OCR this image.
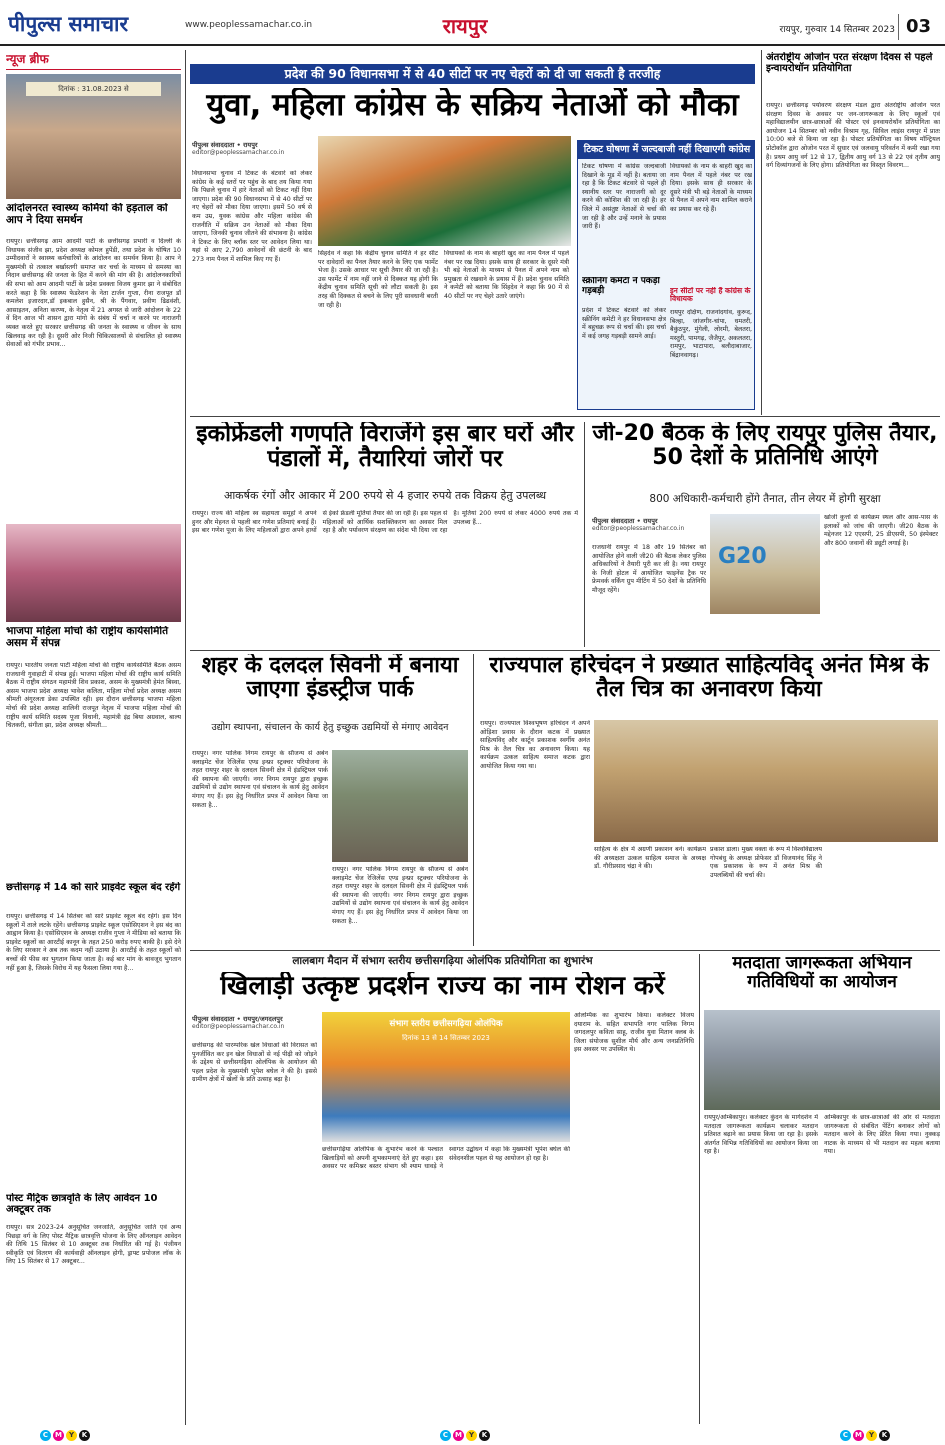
पीपुल्स समाचार	www.peoplessamachar.co.in	रायपुर	रायपुर, गुरुवार 14 सितम्बर 2023 03
न्यूज ब्रीफ
दिनांक : 31.08.2023 से
आंदोलनरत स्वास्थ्य कर्मियों की हड़ताल को आप ने दिया समर्थन
रायपुर। छत्तीसगढ़ आम आदमी पार्टी के छत्तीसगढ़ प्रभारी व दिल्ली के विधायक संजीव झा, प्रदेश अध्यक्ष कोमल हुपेंडी, तथा प्रदेश के घोषित 10 उम्मीदवारों ने स्वास्थ्य कर्मचारियों के आंदोलन का समर्थन किया है। आप ने मुख्यमंत्री से तत्काल बर्खास्तगी समाप्त कर चर्चा के माध्यम से समस्या का निदान छत्तीसगढ़ की जनता के हित में करने की मांग की है। आंदोलनकारियों की सभा को आम आदमी पार्टी के प्रदेश प्रवक्ता विजय कुमार झा ने संबोधित करते कहा है कि स्वास्थ्य फेडरेशन के नेता टार्जन गुप्ता, रीना राजपूत डॉ कमलेश इजारदार,डॉ इकबाल हुसैन, श्री के पैंगवार, प्रवीण ढिढवंशी, आसाइतन, अनिता करण्य, के नेतृत्व में 21 अगस्त से जारी आंदोलन के 22 वें दिन आज भी शासन द्वारा मांगो के संबंध में चर्चा न करने पर नाराजगी व्यक्त करते हुए सरकार छत्तीसगढ़ की जनता के स्वास्थ्य व जीवन के साथ खिलवाड़ कर रही है। दूसरी ओर निजी चिकित्सालयों से संचालित हो स्वास्थ्य सेवाओं को गंभीर प्रभाव...
भाजपा महिला मोर्चा की राष्ट्रीय कार्यसमिति असम में संपन्न
रायपुर। भारतीय जनता पार्टी महिला मोर्चा की राष्ट्रीय कार्यसमिति बैठक असम राजधानी गुवाहाटी में संपन्न हुई। भाजपा महिला मोर्चा की राष्ट्रीय कार्य समिति बैठक में राष्ट्रीय संगठन महामंत्री शिव प्रकाश, असम के मुख्यमंत्री हेमंत बिस्वा, असम भाजपा प्रदेश अध्यक्ष भावेश कलिता, महिला मोर्चा प्रदेश अध्यक्ष असम श्रीमती अंगूरलता डेका उपस्थित रही। इस दौरान छत्तीसगढ़ भाजपा महिला मोर्चा की प्रदेश अध्यक्ष शालिनी राजपूत नेतृत्व में भाजपा महिला मोर्चा की राष्ट्रीय कार्य समिति सदस्य पूजा विधानी, महामंत्री इंद्र बिया अग्रवाल, बाल्य चितकरी, संगीता झा, प्रदेश अध्यक्ष श्रीमती...
छत्तीसगढ़ में 14 को सारे प्राइवेट स्कूल बंद रहेंगे
रायपुर। छत्तीसगढ़ में 14 सितंबर को सारे प्राइवेट स्कूल बंद रहेंगे। इस दिन स्कूलों में ताले लटके रहेंगे। छत्तीसगढ़ प्राइवेट स्कूल एसोसिएशन ने इस बंद का आह्वान किया है। एसोसिएशन के अध्यक्ष राजीव गुप्ता ने मीडिया को बताया कि प्राइवेट स्कूलों का आरटीई कानून के तहत 250 करोड़ रुपए बाकी है। इसे देने के लिए सरकार ने अब तक कदम नहीं उठाया है। आरटीई के तहत स्कूलों को बच्चों की फीस का भुगतान किया जाता है। कई बार मांग के बावजूद भुगतान नहीं हुआ है, जिसके विरोध में यह फैसला लिया गया है...
पोस्ट मैट्रिक छात्रवृति के लिए आवेदन 10 अक्टूबर तक
रायपुर। सत्र 2023-24 अनुसूचित जनजाति, अनुसूचित जाति एवं अन्य पिछड़ा वर्ग के लिए पोस्ट मैट्रिक छात्रवृत्ति योजना के लिए ऑनलाइन आवेदन की तिथि 15 सितंबर से 10 अक्टूबर तक निर्धारित की गई है। पंजीयन स्वीकृति एवं वितरण की कार्यवाही ऑनलाइन होगी, ड्राफ्ट प्रपोजल लॉक के लिए 15 सितंबर से 17 अक्टूबर...
प्रदेश की 90 विधानसभा में से 40 सीटों पर नए चेहरों को दी जा सकती है तरजीह
युवा, महिला कांग्रेस के सक्रिय नेताओं को मौका
पीपुल्स संवाददाता • रायपुर
editor@peoplessamachar.co.in
विधानसभा चुनाव में टिकट के बंटवारे को लेकर कांग्रेस के कई स्तरों पर पहुंच के बाद तय किया गया कि पिछले चुनाव में हारे नेताओं को टिकट नहीं दिया जाएगा। प्रदेश की 90 विधानसभा में से 40 सीटों पर नए चेहरों को मौका दिया जाएगा। इसमें 50 वर्ष से कम उम्र, युवक कांग्रेस और महिला कांग्रेस की राजनीति में सक्रिय उन नेताओं को मौका दिया जाएगा, जिनकी चुनाव जीतने की संभावना है। कांग्रेस ने टिकट के लिए ब्लॉक स्तर पर आवेदन लिया था। यहां से आए 2,790 आवेदनों की छंटनी के बाद 273 नाम पैनल में शामिल किए गए हैं।
सिंहदेव ने कहा कि केंद्रीय चुनाव समिति ने हर सीट पर दावेदारों का पैनल तैयार करने के लिए एक फार्मेट भेजा है। उसके आधार पर सूची तैयार की जा रही है। उस फार्मेट में नाम नहीं जाने से दिक्कत यह होगी कि केंद्रीय चुनाव समिति सूची को लौटा सकती है। इस तरह की दिक्कत से बचने के लिए पूरी सावधानी बरती जा रही है।
विधायकों के नाम के बाहरी खुद का नाम पैनल में पहले नंबर पर रख दिया। इसके साथ ही सरकार के दूसरे मंत्री भी बड़े नेताओं के माध्यम से पैनल में अपने नाम को प्रमुखता से रखवाने के प्रयास में हैं। प्रदेश चुनाव समिति ने कमेटी को बताया कि सिंहदेव ने कहा कि 90 में से 40 सीटों पर नए चेहरे उतारे जाएंगे।
टिकट घोषणा में जल्दबाजी नहीं दिखाएगी कांग्रेस
टिकट घोषणा में कांग्रेस जल्दबाजी दिखाने के मूड में नहीं है। बताया जा रहा है कि टिकट बंटवारे से पहले ही स्थानीय स्तर पर नाराजगी को दूर करने की कोशिश की जा रही है। हर जिले में असंतुष्ट नेताओं से चर्चा की जा रही है और उन्हें मनाने के प्रयास जारी हैं।
स्क्रीनिंग कमेटी ने पकड़ी गड़बड़ी
प्रदेश में टिकट बंटवारे को लेकर स्क्रीनिंग कमेटी ने हर विधानसभा क्षेत्र में बहुचक्र रूप से चर्चा की। इस चर्चा में कई जगह गड़बड़ी सामने आई।
विधायकों के नाम के बाहरी खुद का नाम पैनल में पहले नंबर पर रख दिया। इसके साथ ही सरकार के दूसरे मंत्री भी बड़े नेताओं के माध्यम से पैनल में अपने नाम शामिल कराने का प्रयास कर रहे हैं।
इन सीटों पर नहीं हैं कांग्रेस के विधायक
रायपुर दक्षिण, राजनांदगांव, कुरूद, बिल्हा, जांजगीर-चांपा, धमतरी, बैकुंठपुर, मुंगेली, लोरमी, बेलतरा, मस्तुरी, पामगढ़, जैजैपुर, अकलतरा, रामपुर, भाटापारा, बलौदाबाजार, बिंद्रानवागढ़।
अंतर्राष्ट्रीय ओजोन परत संरक्षण दिवस से पहले इन्वायरोथॉन प्रतियोगिता
रायपुर। छत्तीसगढ़ पर्यावरण संरक्षण मंडल द्वारा अंतर्राष्ट्रीय ओजोन परत संरक्षण दिवस के अवसर पर जन-जागरूकता के लिए स्कूलों एवं महाविद्यालयीन छात्र-छात्राओं की पोस्टर एवं इनवायरोथॉन प्रतियोगिता का आयोजन 14 सितम्बर को नवीन विश्राम गृह, सिविल लाइंस रायपुर में प्रातः 10:00 बजे से किया जा रहा है। पोस्टर प्रतियोगिता का विषय मॉन्ट्रियल प्रोटोकॉल द्वारा ओजोन परत में सुधार एवं जलवायु परिवर्तन में कमी रखा गया है। प्रथम आयु वर्ग 12 से 17, द्वितीय आयु वर्ग 13 से 22 एवं तृतीय आयु वर्ग दिव्यांगजनों के लिए होगा। प्रतियोगिता का विस्तृत विवरण...
इकोफ्रेंडली गणपति विराजेंगे इस बार घरों और पंडालों में, तैयारियां जोरों पर
आकर्षक रंगों और आकार में 200 रुपये से 4 हजार रुपये तक विक्रय हेतु उपलब्ध
रायपुर। राज्य की महिला स्व सहायता समूहों ने अपने हुनर और मेहनत से पहली बार गणेश प्रतिमाएं बनाई हैं। इस बार गणेश पूजा के लिए महिलाओं द्वारा अपने हाथों से ईको फ्रेंडली मूर्तियां तैयार की जा रही हैं। इस पहल से महिलाओं को आर्थिक सशक्तिकरण का अवसर मिल रहा है और पर्यावरण संरक्षण का संदेश भी दिया जा रहा है। मूर्तियां 200 रुपये से लेकर 4000 रुपये तक में उपलब्ध हैं...
जी-20 बैठक के लिए रायपुर पुलिस तैयार, 50 देशों के प्रतिनिधि आएंगे
800 अधिकारी-कर्मचारी होंगे तैनात, तीन लेयर में होगी सुरक्षा
पीपुल्स संवाददाता • रायपुर
editor@peoplessamachar.co.in
G20
राजधानी रायपुर में 18 और 19 सितंबर को आयोजित होने वाली जी20 की बैठक लेकर पुलिस अधिकारियों ने तैयारी पूरी कर ली है। नया रायपुर के निजी होटल में आयोजित फाइनेंस ट्रैक पर फ्रेमवर्क वर्किंग ग्रुप मीटिंग में 50 देशों के प्रतिनिधि मौजूद रहेंगे।
खोजी कुत्तों से कार्यक्रम स्थल और आस-पास के इलाकों को जांच की जाएगी। जी20 बैठक के मद्देनजर 12 एएसपी, 25 डीएसपी, 50 इंस्पेक्टर और 800 जवानों की ड्यूटी लगाई है।
शहर के दलदल सिवनी में बनाया जाएगा इंडस्ट्रीज पार्क
उद्योग स्थापना, संचालन के कार्य हेतु इच्छुक उद्यमियों से मंगाए आवेदन
रायपुर। नगर पालिक निगम रायपुर के सौजन्य से अर्बन क्लाइमेट चेंज रेजिलेंस एण्ड इन्फ्रा स्ट्रक्चर परियोजना के तहत रायपुर शहर के दलदल सिवनी क्षेत्र में इंडस्ट्रियल पार्क की स्थापना की जाएगी। नगर निगम रायपुर द्वारा इच्छुक उद्यमियों से उद्योग स्थापना एवं संचालन के कार्य हेतु आवेदन मंगाए गए हैं। इस हेतु निर्धारित प्रपत्र में आवेदन किया जा सकता है...
रायपुर। नगर पालिक निगम रायपुर के सौजन्य से अर्बन क्लाइमेट चेंज रेजिलेंस एण्ड इन्फ्रा स्ट्रक्चर परियोजना के तहत रायपुर शहर के दलदल सिवनी क्षेत्र में इंडस्ट्रियल पार्क की स्थापना की जाएगी। नगर निगम रायपुर द्वारा इच्छुक उद्यमियों से उद्योग स्थापना एवं संचालन के कार्य हेतु आवेदन मंगाए गए हैं। इस हेतु निर्धारित प्रपत्र में आवेदन किया जा सकता है...
राज्यपाल हरिचंदन ने प्रख्यात साहित्यविद् अनंत मिश्र के तैल चित्र का अनावरण किया
रायपुर। राज्यपाल विश्वभूषण हरिचंदन ने अपने ओड़िशा प्रवास के दौरान कटक में प्रख्यात साहित्यविद् और कार्टून प्रकाशक स्वर्गीय अनंत मिश्र के तैल चित्र का अनावरण किया। यह कार्यक्रम उत्कल साहित्य समाज कटक द्वारा आयोजित किया गया था।
साहित्य के क्षेत्र में अग्रणी प्रकाशन बने। कार्यक्रम की अध्यक्षता उत्कल साहित्य समाज के अध्यक्ष डॉ. गौरीप्रसाद चंद्रा ने की।
प्रकाश डाला। मुख्य वक्ता के रूप में विश्वविद्यालय गोपबंधु के अध्यक्ष प्रोफेसर डॉ विजयानंद सिंह ने एक प्रकाशक के रूप में अनंत मिश्र की उपलब्धियों की चर्चा की।
लालबाग मैदान में संभाग स्तरीय छत्तीसगढ़िया ओलंपिक प्रतियोगिता का शुभारंभ
खिलाड़ी उत्कृष्ट प्रदर्शन राज्य का नाम रोशन करें
पीपुल्स संवाददाता • रायपुर/जगदलपुर
editor@peoplessamachar.co.in
छत्तीसगढ़ की पारम्परिक खेल विधाओं की विरासत को पुनर्जीवित कर इन खेल विधाओं से नई पीढ़ी को जोड़ने के उद्देश्य से छत्तीसगढ़िया ओलंपिक के आयोजन की पहल प्रदेश के मुख्यमंत्री भूपेश बघेल ने की है। इससे ग्रामीण क्षेत्रों में खेलों के प्रति उत्साह बढ़ा है।
संभाग स्तरीय छत्तीसगढ़िया ओलंपिक
दिनांक 13 से 14 सितम्बर 2023
छत्तीसगढ़िया ओलंपिक के शुभारंभ करने के पश्चात खिलाड़ियों को अपनी शुभकामनाएं देते हुए कहा। इस अवसर पर कमिश्नर बस्तर संभाग श्री श्याम धावड़े ने स्वागत उद्बोधन में कहा कि मुख्यमंत्री भूपेश बघेल की संवेदनशील पहल से यह आयोजन हो रहा है।
ओलम्पिक का शुभारंभ किया। कलेक्टर विजय दयाराम के. सहित सभापति नगर पालिक निगम जगदलपुर कविता साहू, राजीव युवा मितान क्लब के जिला संयोजक सुशील मौर्य और अन्य जनप्रतिनिधि इस अवसर पर उपस्थित थे।
मतदाता जागरूकता अभियान गतिविधियों का आयोजन
रायपुर/अम्बिकापुर। कलेक्टर कुंदन के मार्गदर्शन में मतदाता जागरूकता कार्यक्रम चलाकर मतदान प्रतिशत बढ़ाने का प्रयास किया जा रहा है। इसके अंतर्गत विभिन्न गतिविधियों का आयोजन किया जा रहा है।
अम्बिकापुर के छात्र-छात्राओं की ओर से मतदाता जागरूकता से संबंधित पेंटिंग बनाकर लोगों को मतदान करने के लिए प्रेरित किया गया। नुक्कड़ नाटक के माध्यम से भी मतदान का महत्व बताया गया।
C M Y	K	C M Y	K	C M Y	K
